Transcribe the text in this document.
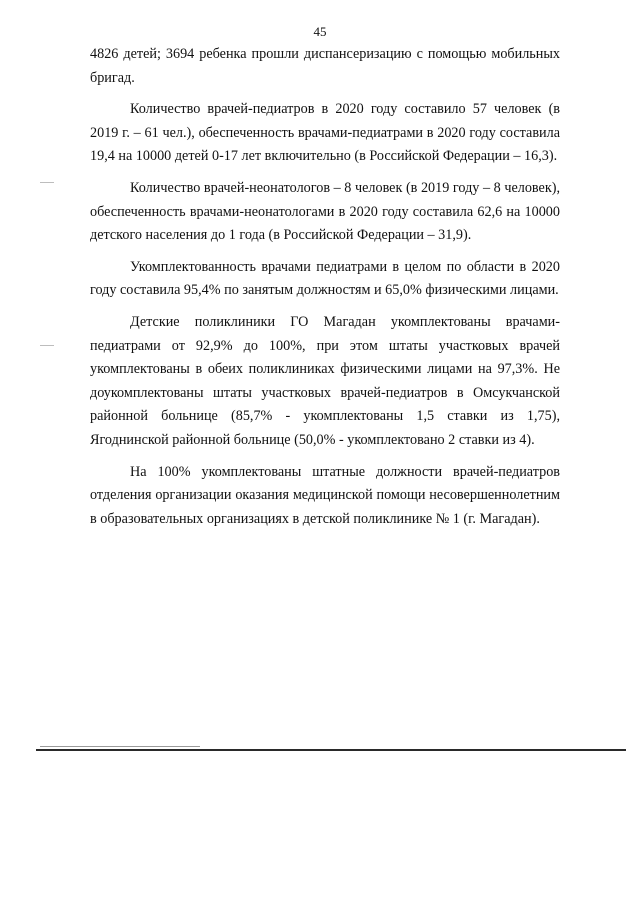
45

4826 детей; 3694 ребенка прошли диспансеризацию с помощью мобильных бригад.

Количество врачей-педиатров в 2020 году составило 57 человек (в 2019 г. – 61 чел.), обеспеченность врачами-педиатрами в 2020 году составила 19,4 на 10000 детей 0-17 лет включительно (в Российской Федерации – 16,3).

Количество врачей-неонатологов – 8 человек (в 2019 году – 8 человек), обеспеченность врачами-неонатологами в 2020 году составила 62,6 на 10000 детского населения до 1 года (в Российской Федерации – 31,9).

Укомплектованность врачами педиатрами в целом по области в 2020 году составила 95,4% по занятым должностям и 65,0% физическими лицами.

Детские поликлиники ГО Магадан укомплектованы врачами-педиатрами от 92,9% до 100%, при этом штаты участковых врачей укомплектованы в обеих поликлиниках физическими лицами на 97,3%. Не доукомплектованы штаты участковых врачей-педиатров в Омсукчанской районной больнице (85,7% - укомплектованы 1,5 ставки из 1,75), Ягоднинской районной больнице (50,0% - укомплектовано 2 ставки из 4).

На 100% укомплектованы штатные должности врачей-педиатров отделения организации оказания медицинской помощи несовершеннолетним в образовательных организациях в детской поликлинике № 1 (г. Магадан).
